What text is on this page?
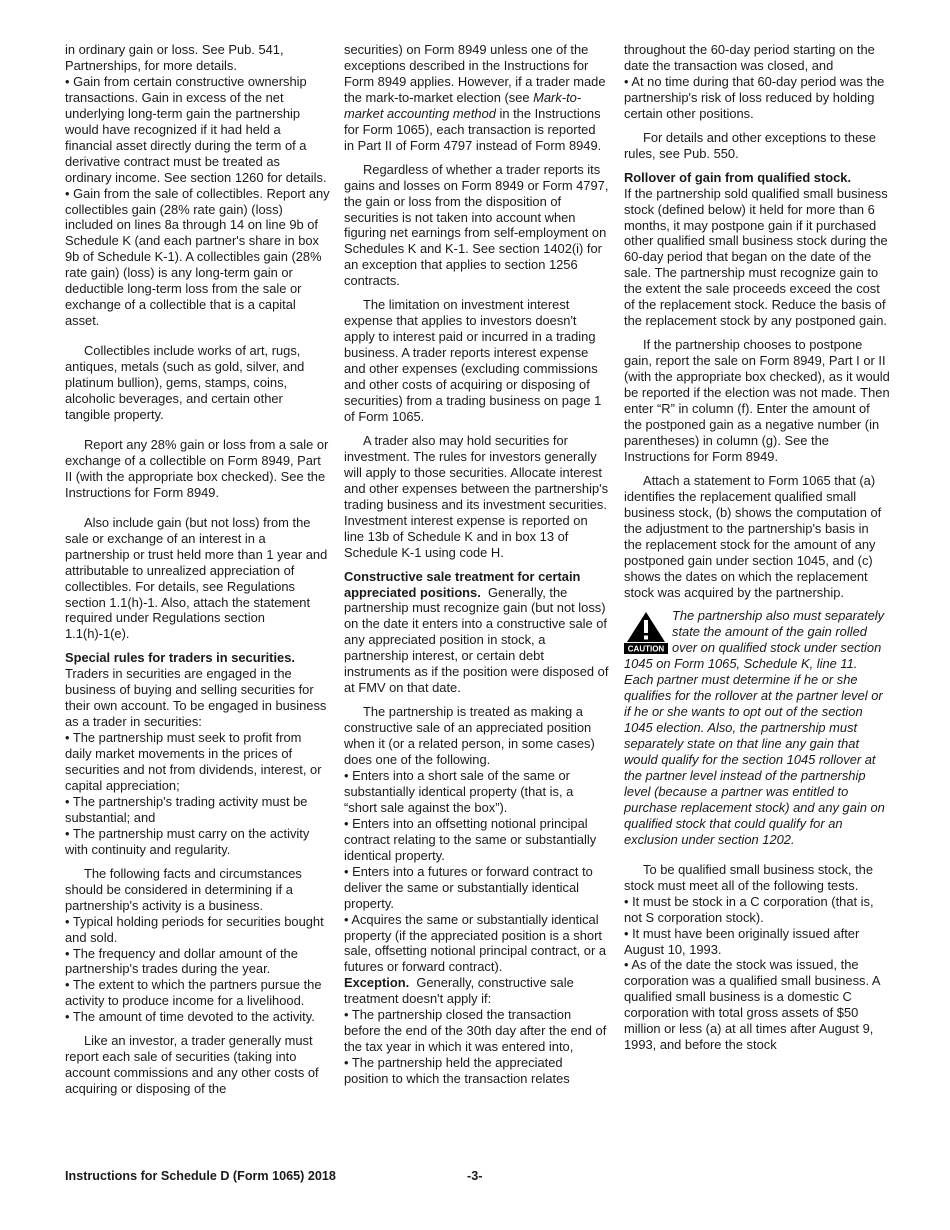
in ordinary gain or loss. See Pub. 541, Partnerships, for more details.

• Gain from certain constructive ownership transactions. Gain in excess of the net underlying long-term gain the partnership would have recognized if it had held a financial asset directly during the term of a derivative contract must be treated as ordinary income. See section 1260 for details.

• Gain from the sale of collectibles. Report any collectibles gain (28% rate gain) (loss) included on lines 8a through 14 on line 9b of Schedule K (and each partner's share in box 9b of Schedule K-1). A collectibles gain (28% rate gain) (loss) is any long-term gain or deductible long-term loss from the sale or exchange of a collectible that is a capital asset.

Collectibles include works of art, rugs, antiques, metals (such as gold, silver, and platinum bullion), gems, stamps, coins, alcoholic beverages, and certain other tangible property.

Report any 28% gain or loss from a sale or exchange of a collectible on Form 8949, Part II (with the appropriate box checked). See the Instructions for Form 8949.

Also include gain (but not loss) from the sale or exchange of an interest in a partnership or trust held more than 1 year and attributable to unrealized appreciation of collectibles. For details, see Regulations section 1.1(h)-1. Also, attach the statement required under Regulations section 1.1(h)-1(e).

Special rules for traders in securities.
Traders in securities are engaged in the business of buying and selling securities for their own account. To be engaged in business as a trader in securities:

• The partnership must seek to profit from daily market movements in the prices of securities and not from dividends, interest, or capital appreciation;

• The partnership's trading activity must be substantial; and

• The partnership must carry on the activity with continuity and regularity.

The following facts and circumstances should be considered in determining if a partnership's activity is a business.

• Typical holding periods for securities bought and sold.

• The frequency and dollar amount of the partnership's trades during the year.

• The extent to which the partners pursue the activity to produce income for a livelihood.

• The amount of time devoted to the activity.

Like an investor, a trader generally must report each sale of securities (taking into account commissions and any other costs of acquiring or disposing of the

securities) on Form 8949 unless one of the exceptions described in the Instructions for Form 8949 applies. However, if a trader made the mark-to-market election (see Mark-to-market accounting method in the Instructions for Form 1065), each transaction is reported in Part II of Form 4797 instead of Form 8949.

Regardless of whether a trader reports its gains and losses on Form 8949 or Form 4797, the gain or loss from the disposition of securities is not taken into account when figuring net earnings from self-employment on Schedules K and K-1. See section 1402(i) for an exception that applies to section 1256 contracts.

The limitation on investment interest expense that applies to investors doesn't apply to interest paid or incurred in a trading business. A trader reports interest expense and other expenses (excluding commissions and other costs of acquiring or disposing of securities) from a trading business on page 1 of Form 1065.

A trader also may hold securities for investment. The rules for investors generally will apply to those securities. Allocate interest and other expenses between the partnership's trading business and its investment securities. Investment interest expense is reported on line 13b of Schedule K and in box 13 of Schedule K-1 using code H.

Constructive sale treatment for certain appreciated positions. Generally, the partnership must recognize gain (but not loss) on the date it enters into a constructive sale of any appreciated position in stock, a partnership interest, or certain debt instruments as if the position were disposed of at FMV on that date.

The partnership is treated as making a constructive sale of an appreciated position when it (or a related person, in some cases) does one of the following.

• Enters into a short sale of the same or substantially identical property (that is, a “short sale against the box”).

• Enters into an offsetting notional principal contract relating to the same or substantially identical property.

• Enters into a futures or forward contract to deliver the same or substantially identical property.

• Acquires the same or substantially identical property (if the appreciated position is a short sale, offsetting notional principal contract, or a futures or forward contract).

Exception. Generally, constructive sale treatment doesn't apply if:

• The partnership closed the transaction before the end of the 30th day after the end of the tax year in which it was entered into,

• The partnership held the appreciated position to which the transaction relates

throughout the 60-day period starting on the date the transaction was closed, and

• At no time during that 60-day period was the partnership's risk of loss reduced by holding certain other positions.

For details and other exceptions to these rules, see Pub. 550.

Rollover of gain from qualified stock.
If the partnership sold qualified small business stock (defined below) it held for more than 6 months, it may postpone gain if it purchased other qualified small business stock during the 60-day period that began on the date of the sale. The partnership must recognize gain to the extent the sale proceeds exceed the cost of the replacement stock. Reduce the basis of the replacement stock by any postponed gain.

If the partnership chooses to postpone gain, report the sale on Form 8949, Part I or II (with the appropriate box checked), as it would be reported if the election was not made. Then enter “R” in column (f). Enter the amount of the postponed gain as a negative number (in parentheses) in column (g). See the Instructions for Form 8949.

Attach a statement to Form 1065 that (a) identifies the replacement qualified small business stock, (b) shows the computation of the adjustment to the partnership's basis in the replacement stock for the amount of any postponed gain under section 1045, and (c) shows the dates on which the replacement stock was acquired by the partnership.

CAUTION

The partnership also must separately state the amount of the gain rolled over on qualified stock under section 1045 on Form 1065, Schedule K, line 11. Each partner must determine if he or she qualifies for the rollover at the partner level or if he or she wants to opt out of the section 1045 election. Also, the partnership must separately state on that line any gain that would qualify for the section 1045 rollover at the partner level instead of the partnership level (because a partner was entitled to purchase replacement stock) and any gain on qualified stock that could qualify for an exclusion under section 1202.

To be qualified small business stock, the stock must meet all of the following tests.

• It must be stock in a C corporation (that is, not S corporation stock).

• It must have been originally issued after August 10, 1993.

• As of the date the stock was issued, the corporation was a qualified small business. A qualified small business is a domestic C corporation with total gross assets of $50 million or less (a) at all times after August 9, 1993, and before the stock

Instructions for Schedule D (Form 1065) 2018	-3-
